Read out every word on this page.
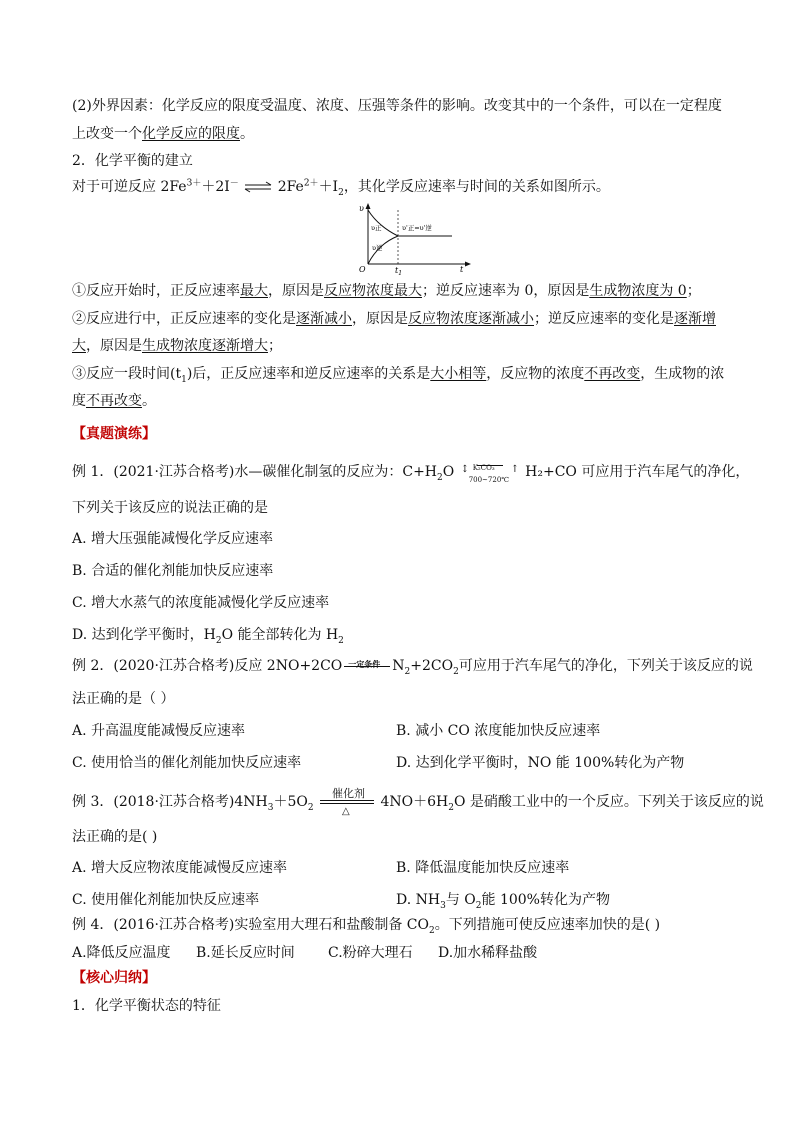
(2)外界因素：化学反应的限度受温度、浓度、压强等条件的影响。改变其中的一个条件，可以在一定程度
上改变一个化学反应的限度。
2．化学平衡的建立
对于可逆反应 $2Fe^{3+}+2I^-$ ⇌ $2Fe^{2+}+I_2$，其化学反应速率与时间的关系如图所示。
υ
O	t
$t_1$
υ正
υ逆
υ'正=υ'逆
①反应开始时，正反应速率最大，原因是反应物浓度最大；逆反应速率为 0，原因是生成物浓度为 0；
②反应进行中，正反应速率的变化是逐渐减小，原因是反应物浓度逐渐减小；逆反应速率的变化是逐渐增
大，原因是生成物浓度逐渐增大；
③反应一段时间$(t_1)$后，正反应速率和逆反应速率的关系是大小相等，反应物的浓度不再改变，生成物的浓
度不再改变。
【真题演练】
例 1．(2021·江苏合格考)水—碳催化制氢的反应为：$C+H_2O$ ↕ K₂CO₃
700~720℃
↑ H₂+CO 可应用于汽车尾气的净化，
下列关于该反应的说法正确的是
A. 增大压强能减慢化学反应速率
B. 合适的催化剂能加快反应速率
C. 增大水蒸气的浓度能减慢化学反应速率
D. 达到化学平衡时，$H_2O$ 能全部转化为 $H_2$
例 2．(2020·江苏合格考)反应 2NO+2CO 一定条件 $N_2+2CO_2$可应用于汽车尾气的净化，下列关于该反应的说
法正确的是（ ）
A. 升高温度能减慢反应速率	B. 减小 CO 浓度能加快反应速率
C. 使用恰当的催化剂能加快反应速率	D. 达到化学平衡时，NO 能 100%转化为产物
例 3．(2018·江苏合格考)$4NH_3+5O_2$
催化剂
△
$4NO+6H_2O$ 是硝酸工业中的一个反应。下列关于该反应的说
法正确的是( )
A. 增大反应物浓度能减慢反应速率	B. 降低温度能加快反应速率
C. 使用催化剂能加快反应速率	D. $NH_3$与 $O_2$能 100%转化为产物
例 4．(2016·江苏合格考)实验室用大理石和盐酸制备 $CO_2$。下列措施可使反应速率加快的是( )
A.降低反应温度 B.延长反应时间 C.粉碎大理石 D.加水稀释盐酸
【核心归纳】
1．化学平衡状态的特征
